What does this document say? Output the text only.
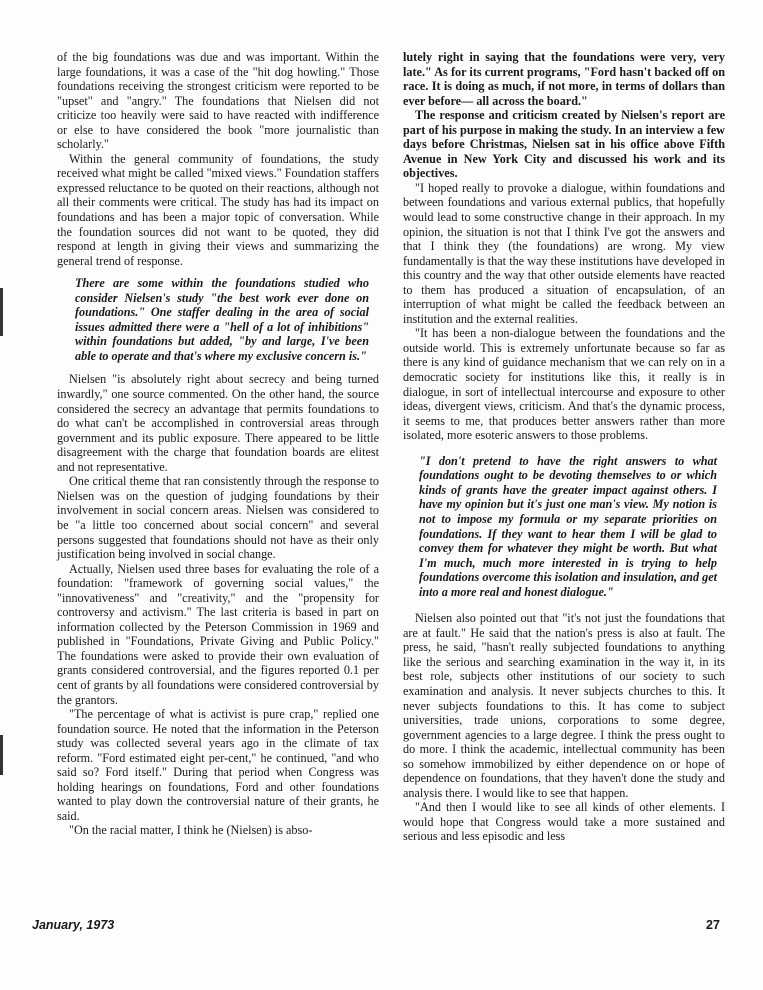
of the big foundations was due and was important. Within the large foundations, it was a case of the "hit dog howling." Those foundations receiving the strongest criticism were reported to be "upset" and "angry." The foundations that Nielsen did not criticize too heavily were said to have reacted with indifference or else to have considered the book "more journalistic than scholarly."

Within the general community of foundations, the study received what might be called "mixed views." Foundation staffers expressed reluctance to be quoted on their reactions, although not all their comments were critical. The study has had its impact on foundations and has been a major topic of conversation. While the foundation sources did not want to be quoted, they did respond at length in giving their views and summarizing the general trend of response.

There are some within the foundations studied who consider Nielsen's study "the best work ever done on foundations." One staffer dealing in the area of social issues admitted there were a "hell of a lot of inhibitions" within foundations but added, "by and large, I've been able to operate and that's where my exclusive concern is."

Nielsen "is absolutely right about secrecy and being turned inwardly," one source commented. On the other hand, the source considered the secrecy an advantage that permits foundations to do what can't be accomplished in controversial areas through government and its public exposure. There appeared to be little disagreement with the charge that foundation boards are elitest and not representative.

One critical theme that ran consistently through the response to Nielsen was on the question of judging foundations by their involvement in social concern areas. Nielsen was considered to be "a little too concerned about social concern" and several persons suggested that foundations should not have as their only justification being involved in social change.

Actually, Nielsen used three bases for evaluating the role of a foundation: "framework of governing social values," the "innovativeness" and "creativity," and the "propensity for controversy and activism." The last criteria is based in part on information collected by the Peterson Commission in 1969 and published in "Foundations, Private Giving and Public Policy." The foundations were asked to provide their own evaluation of grants considered controversial, and the figures reported 0.1 per cent of grants by all foundations were considered controversial by the grantors.

"The percentage of what is activist is pure crap," replied one foundation source. He noted that the information in the Peterson study was collected several years ago in the climate of tax reform. "Ford estimated eight per-cent," he continued, "and who said so? Ford itself." During that period when Congress was holding hearings on foundations, Ford and other foundations wanted to play down the controversial nature of their grants, he said.

"On the racial matter, I think he (Nielsen) is abso-

lutely right in saying that the foundations were very, very late." As for its current programs, "Ford hasn't backed off on race. It is doing as much, if not more, in terms of dollars than ever before— all across the board."

The response and criticism created by Nielsen's report are part of his purpose in making the study. In an interview a few days before Christmas, Nielsen sat in his office above Fifth Avenue in New York City and discussed his work and its objectives.

"I hoped really to provoke a dialogue, within foundations and between foundations and various external publics, that hopefully would lead to some constructive change in their approach. In my opinion, the situation is not that I think I've got the answers and that I think they (the foundations) are wrong. My view fundamentally is that the way these institutions have developed in this country and the way that other outside elements have reacted to them has produced a situation of encapsulation, of an interruption of what might be called the feedback between an institution and the external realities.

"It has been a non-dialogue between the foundations and the outside world. This is extremely unfortunate because so far as there is any kind of guidance mechanism that we can rely on in a democratic society for institutions like this, it really is in dialogue, in sort of intellectual intercourse and exposure to other ideas, divergent views, criticism. And that's the dynamic process, it seems to me, that produces better answers rather than more isolated, more esoteric answers to those problems.

"I don't pretend to have the right answers to what foundations ought to be devoting themselves to or which kinds of grants have the greater impact against others. I have my opinion but it's just one man's view. My notion is not to impose my formula or my separate priorities on foundations. If they want to hear them I will be glad to convey them for whatever they might be worth. But what I'm much, much more interested in is trying to help foundations overcome this isolation and insulation, and get into a more real and honest dialogue."

Nielsen also pointed out that "it's not just the foundations that are at fault." He said that the nation's press is also at fault. The press, he said, "hasn't really subjected foundations to anything like the serious and searching examination in the way it, in its best role, subjects other institutions of our society to such examination and analysis. It never subjects churches to this. It never subjects foundations to this. It has come to subject universities, trade unions, corporations to some degree, government agencies to a large degree. I think the press ought to do more. I think the academic, intellectual community has been so somehow immobilized by either dependence on or hope of dependence on foundations, that they haven't done the study and analysis there. I would like to see that happen.

"And then I would like to see all kinds of other elements. I would hope that Congress would take a more sustained and serious and less episodic and less

January, 1973	27
